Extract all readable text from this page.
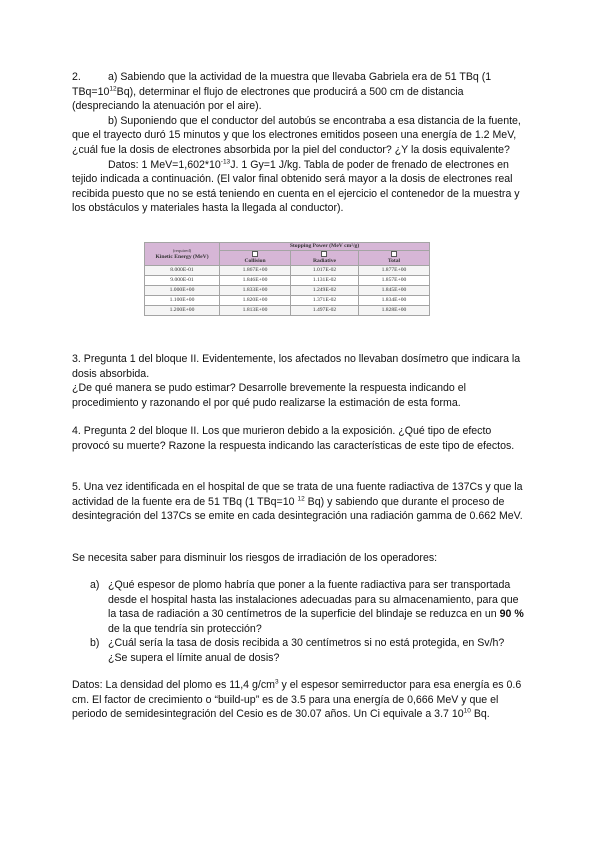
2.	a) Sabiendo que la actividad de la muestra que llevaba Gabriela era de 51 TBq (1 $TBq=10^{12}Bq$), determinar el flujo de electrones que producirá a 500 cm de distancia (despreciando la atenuación por el aire).

b) Suponiendo que el conductor del autobús se encontraba a esa distancia de la fuente, que el trayecto duró 15 minutos y que los electrones emitidos poseen una energía de 1.2 MeV, ¿cuál fue la dosis de electrones absorbida por la piel del conductor? ¿Y la dosis equivalente?

Datos: 1 $MeV=1,602*10^{-13}J$. 1 Gy=1 J/kg. Tabla de poder de frenado de electrones en tejido indicada a continuación. (El valor final obtenido será mayor a la dosis de electrones real recibida puesto que no se está teniendo en cuenta en el ejercicio el contenedor de la muestra y los obstáculos y materiales hasta la llegada al conductor).

(required)
Kinetic Energy (MeV)	Stopping Power (MeV cm²/g)		

Collision	Radiative	Total
8.000E-01	1.867E+00	1.017E-02	1.877E+00
9.000E-01	1.846E+00	1.131E-02	1.857E+00
1.000E+00	1.833E+00	1.249E-02	1.845E+00
1.100E+00	1.820E+00	1.371E-02	1.834E+00
1.200E+00	1.813E+00	1.497E-02	1.828E+00

3. Pregunta 1 del bloque II. Evidentemente, los afectados no llevaban dosímetro que indicara la dosis absorbida.

¿De qué manera se pudo estimar? Desarrolle brevemente la respuesta indicando el procedimiento y razonando el por qué pudo realizarse la estimación de esta forma.

4. Pregunta 2 del bloque II. Los que murieron debido a la exposición. ¿Qué tipo de efecto provocó su muerte? Razone la respuesta indicando las características de este tipo de efectos.

5. Una vez identificada en el hospital de que se trata de una fuente radiactiva de 137Cs y que la actividad de la fuente era de 51 TBq (1 TBq=10 $^{12}$ Bq) y sabiendo que durante el proceso de desintegración del 137Cs se emite en cada desintegración una radiación gamma de 0.662 MeV.

Se necesita saber para disminuir los riesgos de irradiación de los operadores:

a) ¿Qué espesor de plomo habría que poner a la fuente radiactiva para ser transportada desde el hospital hasta las instalaciones adecuadas para su almacenamiento, para que la tasa de radiación a 30 centímetros de la superficie del blindaje se reduzca en un 90 % de la que tendría sin protección?
b) ¿Cuál sería la tasa de dosis recibida a 30 centímetros si no está protegida, en Sv/h? ¿Se supera el límite anual de dosis?

Datos: La densidad del plomo es 11,4 $g/cm^3$ y el espesor semirreductor para esa energía es 0.6 cm. El factor de crecimiento o “build-up” es de 3.5 para una energía de 0,666 MeV y que el periodo de semidesintegración del Cesio es de 30.07 años. Un Ci equivale a 3.7 $10^{10}$ Bq.
